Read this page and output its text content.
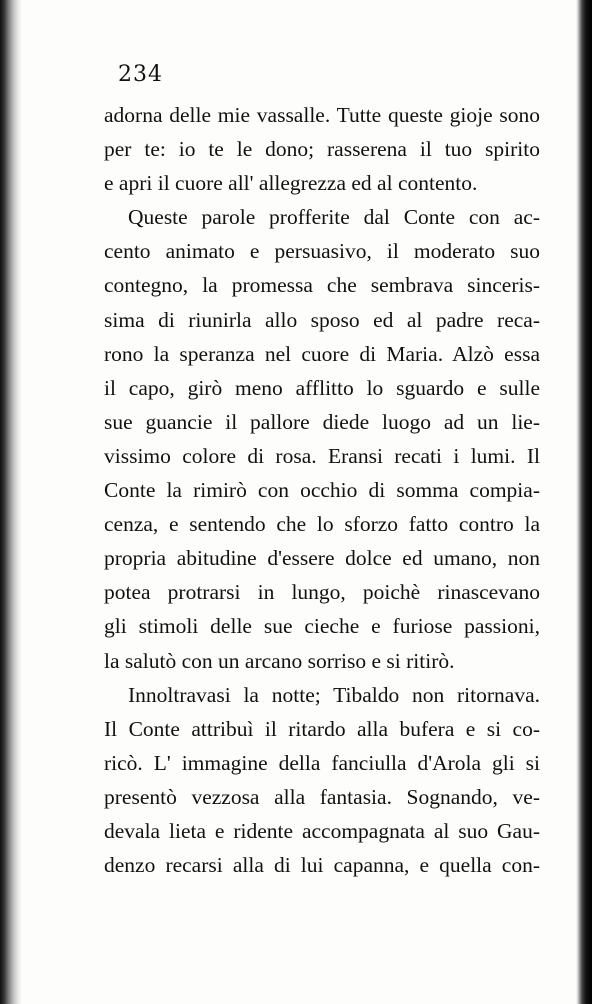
234
adorna delle mie vassalle. Tutte queste gioje sono
per te: io te le dono; rasserena il tuo spirito
e apri il cuore all' allegrezza ed al contento.
Queste parole profferite dal Conte con ac-
cento animato e persuasivo, il moderato suo
contegno, la promessa che sembrava sinceris-
sima di riunirla allo sposo ed al padre reca-
rono la speranza nel cuore di Maria. Alzò essa
il capo, girò meno afflitto lo sguardo e sulle
sue guancie il pallore diede luogo ad un lie-
vissimo colore di rosa. Eransi recati i lumi. Il
Conte la rimirò con occhio di somma compia-
cenza, e sentendo che lo sforzo fatto contro la
propria abitudine d'essere dolce ed umano, non
potea protrarsi in lungo, poichè rinascevano
gli stimoli delle sue cieche e furiose passioni,
la salutò con un arcano sorriso e si ritirò.
Innoltravasi la notte; Tibaldo non ritornava.
Il Conte attribuì il ritardo alla bufera e si co-
ricò. L' immagine della fanciulla d'Arola gli si
presentò vezzosa alla fantasia. Sognando, ve-
devala lieta e ridente accompagnata al suo Gau-
denzo recarsi alla di lui capanna, e quella con-
